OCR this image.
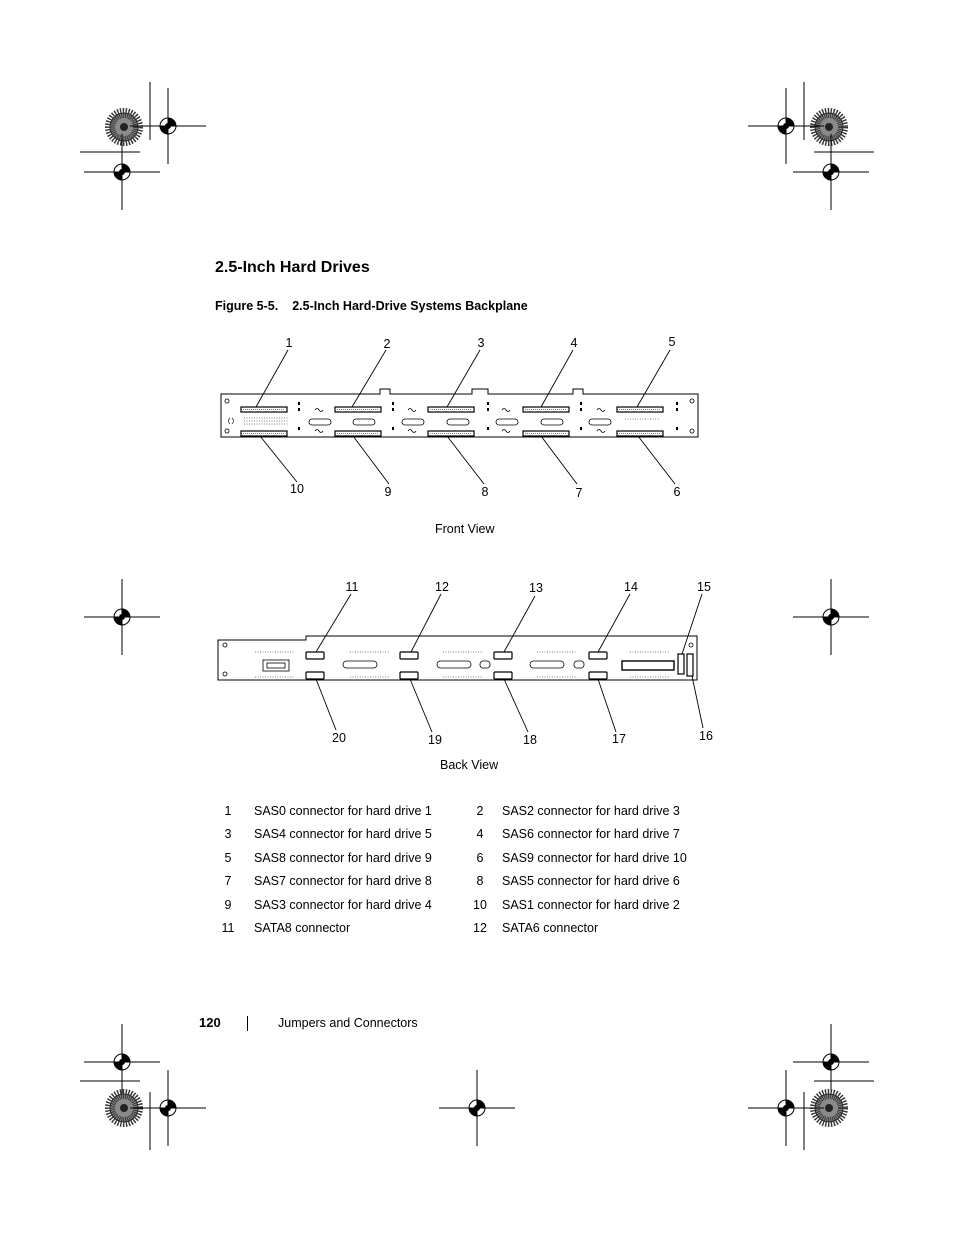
2.5-Inch Hard Drives
Figure 5-5. 2.5-Inch Hard-Drive Systems Backplane
1	2	3	4	5
10	9	8	7	6
Front View
11	12	13	14	15
20	19	18	17	16
Back View
1	SAS0 connector for hard drive 1	2	SAS2 connector for hard drive 3
3	SAS4 connector for hard drive 5	4	SAS6 connector for hard drive 7
5	SAS8 connector for hard drive 9	6	SAS9 connector for hard drive 10
7	SAS7 connector for hard drive 8	8	SAS5 connector for hard drive 6
9	SAS3 connector for hard drive 4	10 SAS1 connector for hard drive 2
11 SATA8 connector	12 SATA6 connector
120	Jumpers and Connectors
